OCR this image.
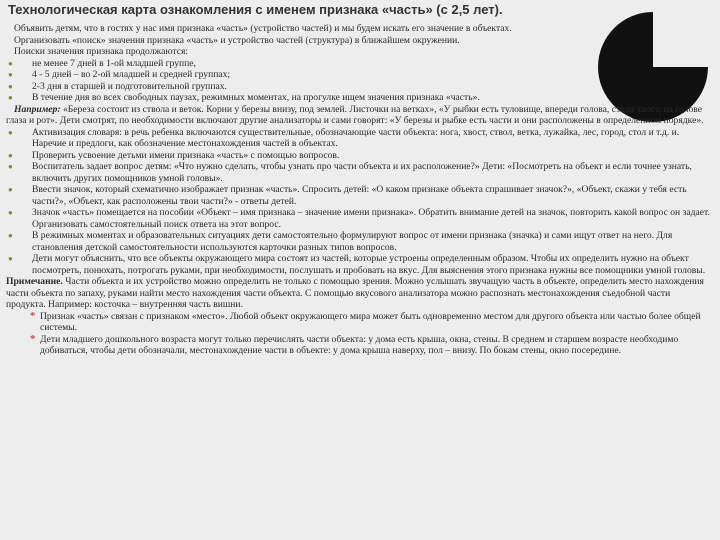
Технологическая карта ознакомления с именем признака «часть» (с 2,5 лет).

Объявить детям, что в гостях у нас имя признака «часть» (устройство частей) и мы будем искать его значение в объектах.

Организовать «поиск» значения признака «часть» и устройство частей (структура) в ближайшем окружении.

Поиски значения признака продолжаются:

● не менее 7 дней в 1-ой младшей группе,
● 4 - 5 дней – во 2-ой младшей и средней группах;
● 2-3 дня в старшей и подготовительной группах.
● В течение дня во всех свободных паузах, режимных моментах, на прогулке ищем значения признака «часть».

Например: «Береза состоит из ствола и веток. Корни у березы внизу, под землей. Листочки на ветках», «У рыбки есть туловище, впереди голова, сзади хвост, на голове глаза и рот». Дети смотрят, по необходимости включают другие анализаторы и сами говорят: «У березы и рыбке есть части и они расположены в определенном порядке».

● Активизация словаря: в речь ребенка включаются существительные, обозначающие части объекта: нога, хвост, ствол, ветка, лужайка, лес, город, стол и т.д. и. Наречие и предлоги, как обозначение местонахождения частей в объектах.
● Проверить усвоение детьми имени признака «часть» с помощью вопросов.
● Воспитатель задает вопрос детям: «Что нужно сделать, чтобы узнать про части объекта и их расположение?» Дети: «Посмотреть на объект и если точнее узнать, включить других помощников умной головы».
● Ввести значок, который схематично изображает признак «часть». Спросить детей: «О каком признаке объекта спрашивает значок?», «Объект, скажи у тебя есть части?», «Объект, как расположены твои части?» - ответы детей.
● Значок «часть» помещается на пособии «Объект – имя признака – значение имени признака». Обратить внимание детей на значок, повторить какой вопрос он задает. Организовать самостоятельный поиск ответа на этот вопрос.
● В режимных моментах и образовательных ситуациях дети самостоятельно формулируют вопрос от имени признака (значка) и сами ищут ответ на него. Для становления детской самостоятельности используются карточки разных типов вопросов.
● Дети могут объяснить, что все объекты окружающего мира состоят из частей, которые устроены определенным образом. Чтобы их определить нужно на объект посмотреть, понюхать, потрогать руками, при необходимости, послушать и пробовать на вкус. Для выяснения этого признака нужны все помощники умной головы.

Примечание. Части объекта и их устройство можно определить не только с помощью зрения. Можно услышать звучащую часть в объекте, определить место нахождения части объекта по запаху, руками найти место нахождения части объекта. С помощью вкусового анализатора можно распознать местонахождения съедобной части продукта. Например: косточка – внутренняя часть вишни.

* Признак «часть» связан с признаком «место». Любой объект окружающего мира может быть одновременно местом для другого объекта или частью более общей системы.
* Дети младшего дошкольного возраста могут только перечислять части объекта: у дома есть крыша, окна, стены. В среднем и старшем возрасте необходимо добиваться, чтобы дети обозначали, местонахождение части в объекте: у дома крыша наверху, пол – внизу. По бокам стены, окно посередине.
